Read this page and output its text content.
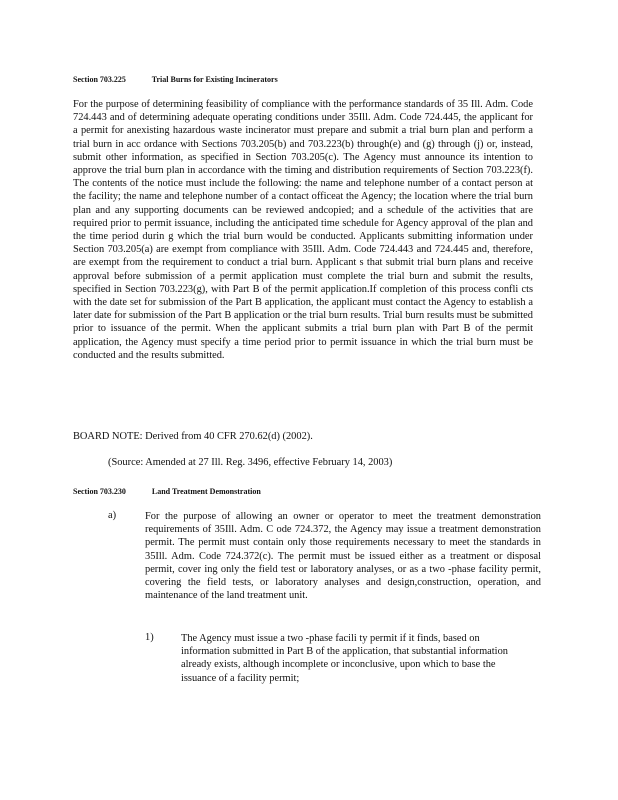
Section 703.225	Trial Burns for Existing Incinerators

For the purpose of determining feasibility of compliance with the performance standards of 35 Ill. Adm. Code 724.443 and of determining adequate operating conditions under 35Ill. Adm. Code 724.445, the applicant for a permit for anexisting hazardous waste incinerator must prepare and submit a trial burn plan and perform a trial burn in acc ordance with Sections 703.205(b) and 703.223(b) through(e) and (g) through (j) or, instead, submit other information, as specified in Section 703.205(c). The Agency must announce its intention to approve the trial burn plan in accordance with the timing and distribution requirements of Section 703.223(f). The contents of the notice must include the following: the name and telephone number of a contact person at the facility; the name and telephone number of a contact officeat the Agency; the location where the trial burn plan and any supporting documents can be reviewed andcopied; and a schedule of the activities that are required prior to permit issuance, including the anticipated time schedule for Agency approval of the plan and the time period durin g which the trial burn would be conducted. Applicants submitting information under Section 703.205(a) are exempt from compliance with 35Ill. Adm. Code 724.443 and 724.445 and, therefore, are exempt from the requirement to conduct a trial burn. Applicant s that submit trial burn plans and receive approval before submission of a permit application must complete the trial burn and submit the results, specified in Section 703.223(g), with Part B of the permit application.If completion of this process confli cts with the date set for submission of the Part B application, the applicant must contact the Agency to establish a later date for submission of the Part B application or the trial burn results. Trial burn results must be submitted prior to issuance of the permit. When the applicant submits a trial burn plan with Part B of the permit application, the Agency must specify a time period prior to permit issuance in which the trial burn must be conducted and the results submitted.

BOARD NOTE: Derived from 40 CFR 270.62(d) (2002).
(Source: Amended at 27 Ill. Reg. 3496, effective February 14, 2003)
Section 703.230	Land Treatment Demonstration
a)	For the purpose of allowing an owner or operator to meet the treatment demonstration requirements of 35Ill. Adm. C ode 724.372, the Agency may issue a treatment demonstration permit. The permit must contain only those requirements necessary to meet the standards in 35Ill. Adm. Code 724.372(c). The permit must be issued either as a treatment or disposal permit, cover ing only the field test or laboratory analyses, or as a two -phase facility permit, covering the field tests, or laboratory analyses and design,construction, operation, and maintenance of the land treatment unit.

1)	The Agency must issue a two -phase facili ty permit if it finds, based on information submitted in Part B of the application, that substantial information already exists, although incomplete or inconclusive, upon which to base the issuance of a facility permit;
